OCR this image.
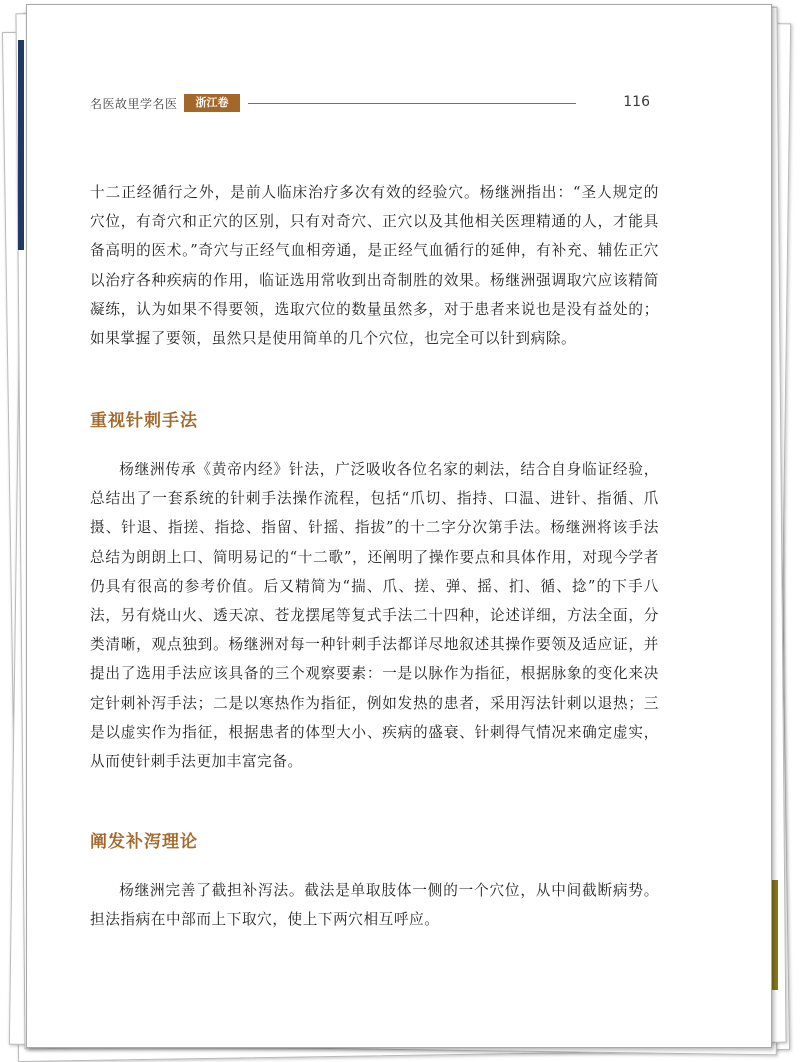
名医故里学名医	浙江卷	116

十二正经循行之外，是前人临床治疗多次有效的经验穴。杨继洲指出：“圣人规定的穴位，有奇穴和正穴的区别，只有对奇穴、正穴以及其他相关医理精通的人，才能具备高明的医术。”奇穴与正经气血相旁通，是正经气血循行的延伸，有补充、辅佐正穴以治疗各种疾病的作用，临证选用常收到出奇制胜的效果。杨继洲强调取穴应该精简凝练，认为如果不得要领，选取穴位的数量虽然多，对于患者来说也是没有益处的；如果掌握了要领，虽然只是使用简单的几个穴位，也完全可以针到病除。

重视针刺手法

杨继洲传承《黄帝内经》针法，广泛吸收各位名家的刺法，结合自身临证经验，总结出了一套系统的针刺手法操作流程，包括“爪切、指持、口温、进针、指循、爪摄、针退、指搓、指捻、指留、针摇、指拔”的十二字分次第手法。杨继洲将该手法总结为朗朗上口、简明易记的“十二歌”，还阐明了操作要点和具体作用，对现今学者仍具有很高的参考价值。后又精简为“揣、爪、搓、弹、摇、扪、循、捻”的下手八法，另有烧山火、透天凉、苍龙摆尾等复式手法二十四种，论述详细，方法全面，分类清晰，观点独到。杨继洲对每一种针刺手法都详尽地叙述其操作要领及适应证，并提出了选用手法应该具备的三个观察要素：一是以脉作为指征，根据脉象的变化来决定针刺补泻手法；二是以寒热作为指征，例如发热的患者，采用泻法针刺以退热；三是以虚实作为指征，根据患者的体型大小、疾病的盛衰、针刺得气情况来确定虚实，从而使针刺手法更加丰富完备。

阐发补泻理论

杨继洲完善了截担补泻法。截法是单取肢体一侧的一个穴位，从中间截断病势。担法指病在中部而上下取穴，使上下两穴相互呼应。
